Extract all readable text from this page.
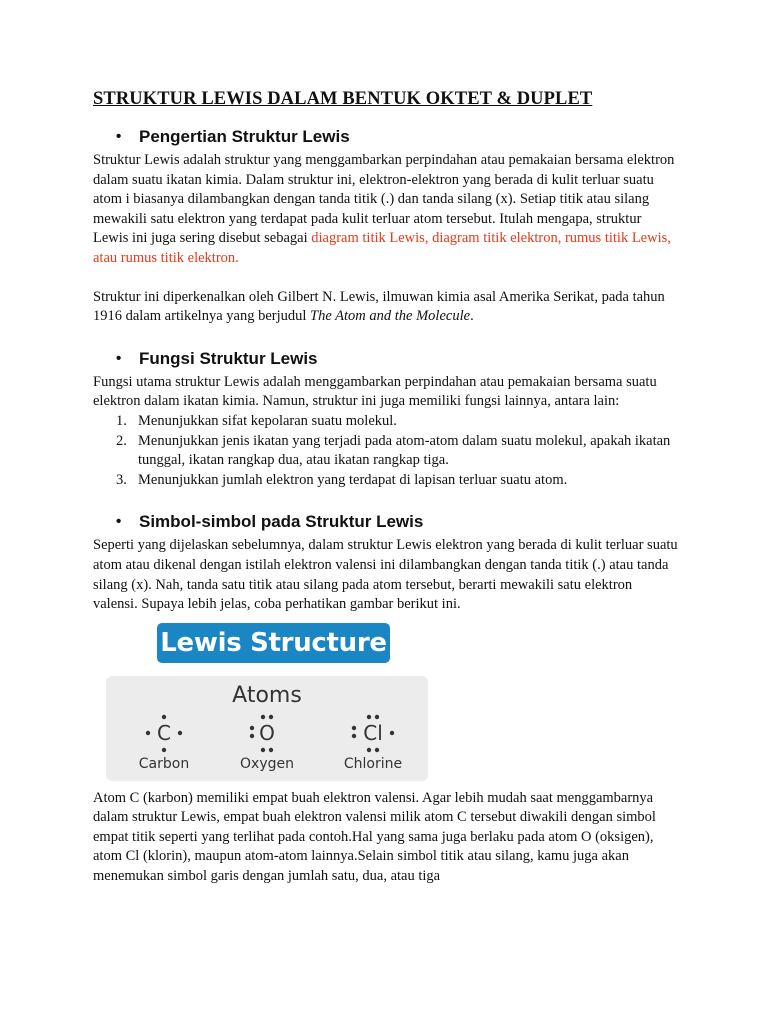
STRUKTUR LEWIS DALAM BENTUK OKTET & DUPLET
• Pengertian Struktur Lewis

Struktur Lewis adalah struktur yang menggambarkan perpindahan atau pemakaian bersama elektron dalam suatu ikatan kimia. Dalam struktur ini, elektron-elektron yang berada di kulit terluar suatu atom i biasanya dilambangkan dengan tanda titik (.) dan tanda silang (x). Setiap titik atau silang mewakili satu elektron yang terdapat pada kulit terluar atom tersebut. Itulah mengapa, struktur Lewis ini juga sering disebut sebagai diagram titik Lewis, diagram titik elektron, rumus titik Lewis, atau rumus titik elektron.

Struktur ini diperkenalkan oleh Gilbert N. Lewis, ilmuwan kimia asal Amerika Serikat, pada tahun 1916 dalam artikelnya yang berjudul The Atom and the Molecule.

• Fungsi Struktur Lewis

Fungsi utama struktur Lewis adalah menggambarkan perpindahan atau pemakaian bersama suatu elektron dalam ikatan kimia. Namun, struktur ini juga memiliki fungsi lainnya, antara lain:

1. Menunjukkan sifat kepolaran suatu molekul.
2. Menunjukkan jenis ikatan yang terjadi pada atom-atom dalam suatu molekul, apakah ikatan tunggal, ikatan rangkap dua, atau ikatan rangkap tiga.
3. Menunjukkan jumlah elektron yang terdapat di lapisan terluar suatu atom.
• Simbol-simbol pada Struktur Lewis

Seperti yang dijelaskan sebelumnya, dalam struktur Lewis elektron yang berada di kulit terluar suatu atom atau dikenal dengan istilah elektron valensi ini dilambangkan dengan tanda titik (.) atau tanda silang (x). Nah, tanda satu titik atau silang pada atom tersebut, berarti mewakili satu elektron valensi. Supaya lebih jelas, coba perhatikan gambar berikut ini.

Lewis Structure
Atoms
C
Carbon
O
Oxygen
Cl
Chlorine

Atom C (karbon) memiliki empat buah elektron valensi. Agar lebih mudah saat menggambarnya dalam struktur Lewis, empat buah elektron valensi milik atom C tersebut diwakili dengan simbol empat titik seperti yang terlihat pada contoh.Hal yang sama juga berlaku pada atom O (oksigen), atom Cl (klorin), maupun atom-atom lainnya.Selain simbol titik atau silang, kamu juga akan menemukan simbol garis dengan jumlah satu, dua, atau tiga
